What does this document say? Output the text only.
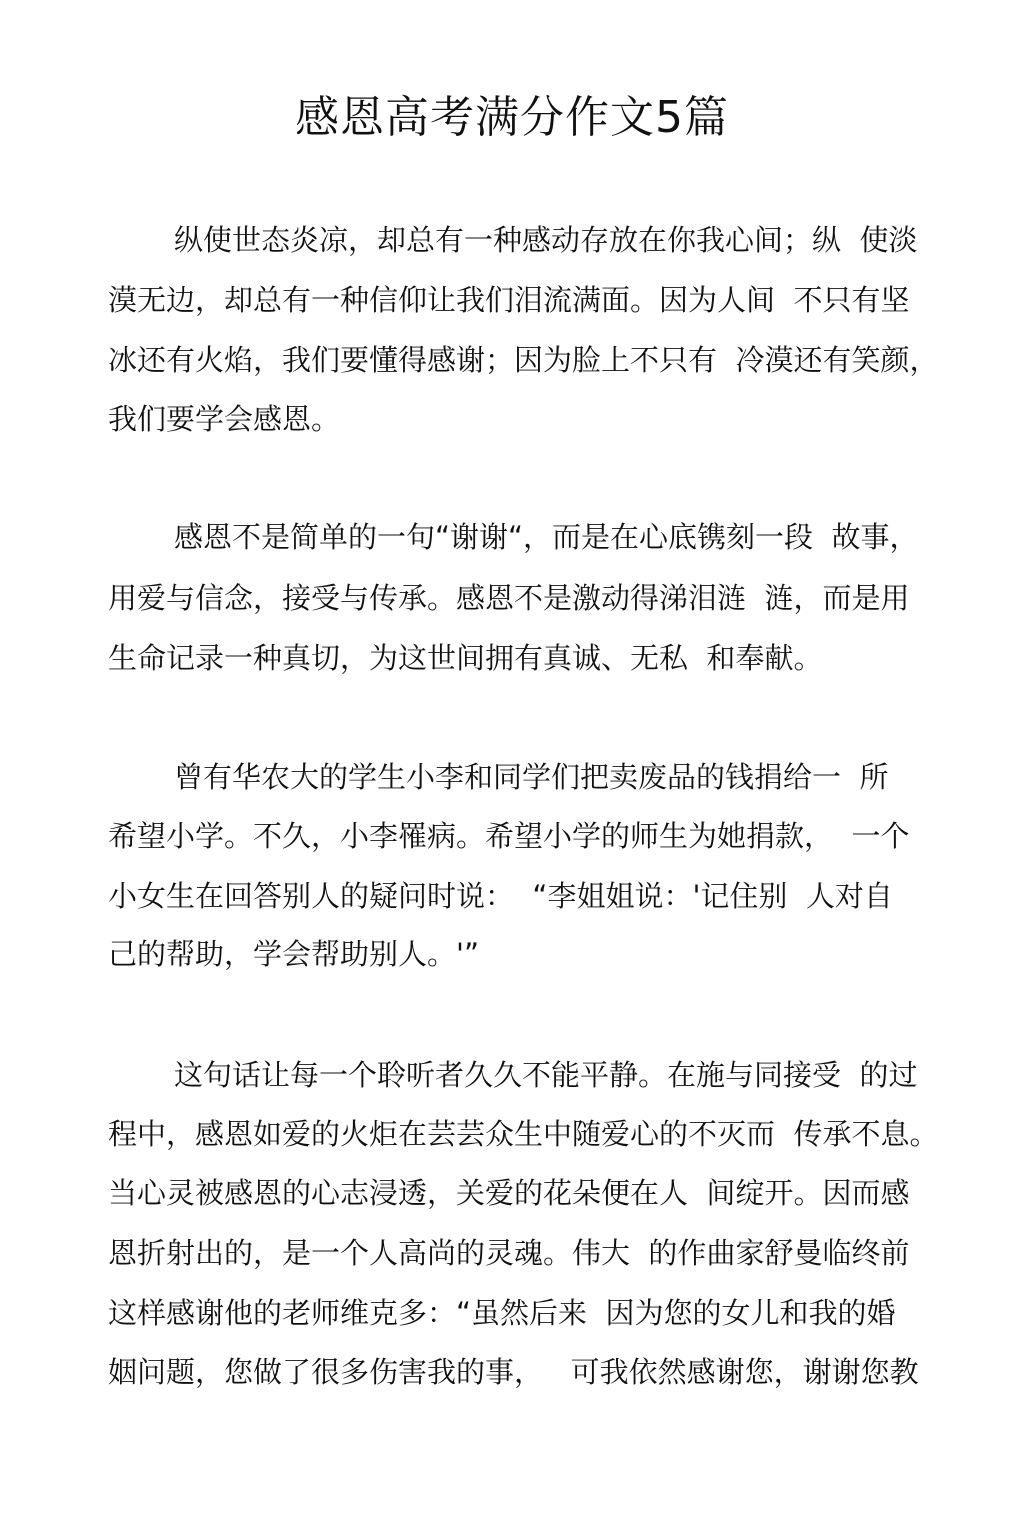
感恩高考满分作文5篇

纵使世态炎凉，却总有一种感动存放在你我心间；纵  使淡

漠无边，却总有一种信仰让我们泪流满面。因为人间  不只有坚

冰还有火焰，我们要懂得感谢；因为脸上不只有  冷漠还有笑颜，

我们要学会感恩。

感恩不是简单的一句“谢谢“，而是在心底镌刻一段  故事，

用爱与信念，接受与传承。感恩不是激动得涕泪涟  涟，而是用

生命记录一种真切，为这世间拥有真诚、无私  和奉献。

曾有华农大的学生小李和同学们把卖废品的钱捐给一  所

希望小学。不久，小李罹病。希望小学的师生为她捐款，  一个

小女生在回答别人的疑问时说：  “李姐姐说：'记住别  人对自

己的帮助，学会帮助别人。'”

这句话让每一个聆听者久久不能平静。在施与同接受  的过

程中，感恩如爱的火炬在芸芸众生中随爱心的不灭而  传承不息。

当心灵被感恩的心志浸透，关爱的花朵便在人  间绽开。因而感

恩折射出的，是一个人高尚的灵魂。伟大  的作曲家舒曼临终前

这样感谢他的老师维克多：“虽然后来  因为您的女儿和我的婚

姻问题，您做了很多伤害我的事，   可我依然感谢您，谢谢您教
